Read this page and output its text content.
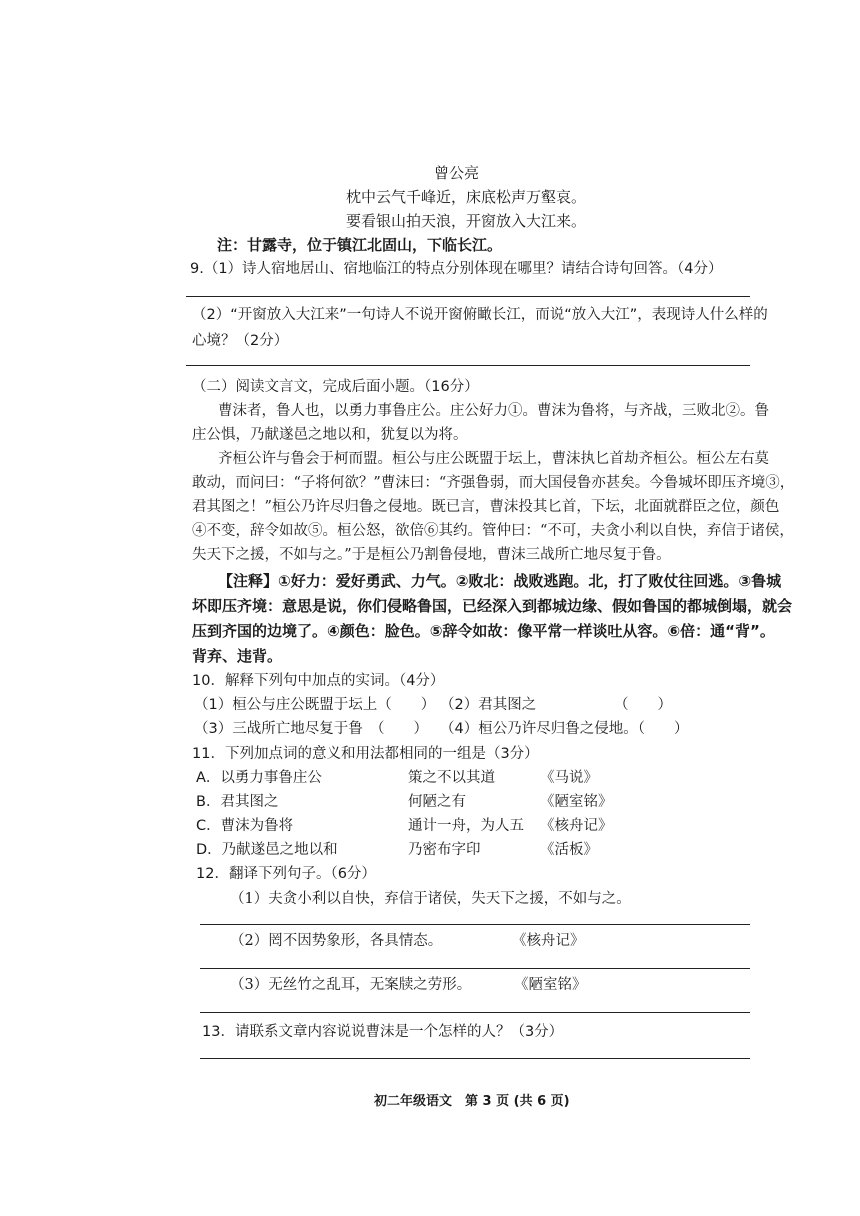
曾公亮
枕中云气千峰近，床底松声万壑哀。
要看银山拍天浪，开窗放入大江来。
注：甘露寺，位于镇江北固山，下临长江。
9.（1）诗人宿地居山、宿地临江的特点分别体现在哪里？请结合诗句回答。（4分）
（2）“开窗放入大江来”一句诗人不说开窗俯瞰长江，而说“放入大江”，表现诗人什么样的
心境？（2分）
（二）阅读文言文，完成后面小题。（16分）
曹沫者，鲁人也，以勇力事鲁庄公。庄公好力①。曹沫为鲁将，与齐战，三败北②。鲁
庄公惧，乃献遂邑之地以和，犹复以为将。
齐桓公许与鲁会于柯而盟。桓公与庄公既盟于坛上，曹沫执匕首劫齐桓公。桓公左右莫
敢动，而问曰：“子将何欲？”曹沫曰：“齐强鲁弱，而大国侵鲁亦甚矣。今鲁城坏即压齐境③，
君其图之！”桓公乃许尽归鲁之侵地。既已言，曹沫投其匕首，下坛，北面就群臣之位，颜色
④不变，辞令如故⑤。桓公怒，欲倍⑥其约。管仲曰：“不可，夫贪小利以自快，弃信于诸侯，
失天下之援，不如与之。”于是桓公乃割鲁侵地，曹沫三战所亡地尽复于鲁。
【注释】①好力：爱好勇武、力气。②败北：战败逃跑。北，打了败仗往回逃。③鲁城
坏即压齐境：意思是说，你们侵略鲁国，已经深入到都城边缘、假如鲁国的都城倒塌，就会
压到齐国的边境了。④颜色：脸色。⑤辞令如故：像平常一样谈吐从容。⑥倍：通“背”。
背弃、违背。
10．解释下列句中加点的实词。（4分）
（1）桓公与庄公既盟于坛上（　　） （2）君其图之	（　　）
（3）三战所亡地尽复于鲁　（　　） （4）桓公乃许尽归鲁之侵地。（　　）
11．下列加点词的意义和用法都相同的一组是（3分）
A．以勇力事鲁庄公	策之不以其道	《马说》
B．君其图之	何陋之有	《陋室铭》
C．曹沫为鲁将	通计一舟，为人五 《核舟记》
D．乃献遂邑之地以和	乃密布字印	《活板》
12．翻译下列句子。（6分）
（1）夫贪小利以自快，弃信于诸侯，失天下之援，不如与之。
（2）罔不因势象形，各具情态。	《核舟记》
（3）无丝竹之乱耳，无案牍之劳形。	《陋室铭》
13．请联系文章内容说说曹沫是一个怎样的人？（3分）
初二年级语文　第 3 页 (共 6 页)
